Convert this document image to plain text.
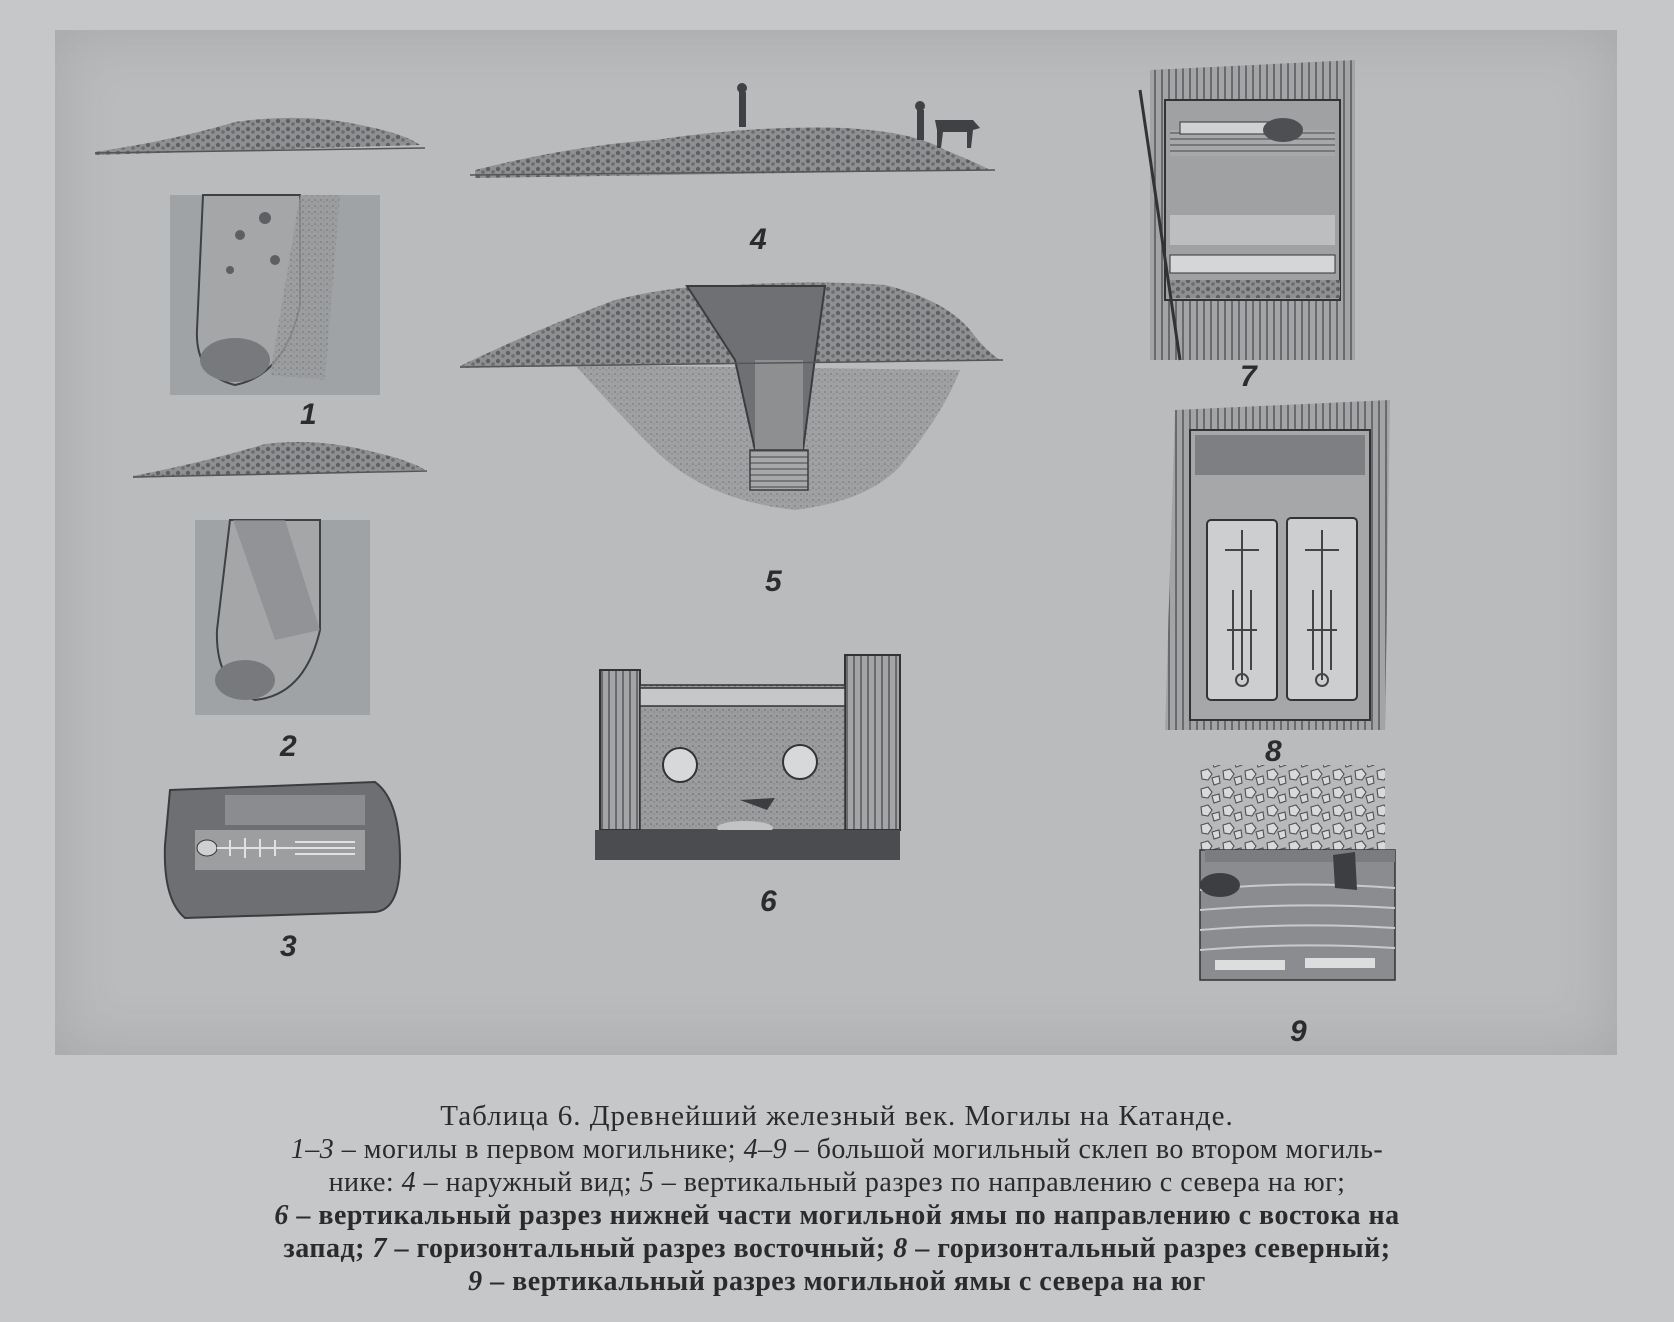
1
2
3
4
5
6
7
8
9
Таблица 6. Древнейший железный век. Могилы на Катанде.
1–3 – могилы в первом могильнике; 4–9 – большой могильный склеп во втором могиль-
нике: 4 – наружный вид; 5 – вертикальный разрез по направлению с севера на юг;
6 – вертикальный разрез нижней части могильной ямы по направлению с востока на
запад; 7 – горизонтальный разрез восточный; 8 – горизонтальный разрез северный;
9 – вертикальный разрез могильной ямы с севера на юг
